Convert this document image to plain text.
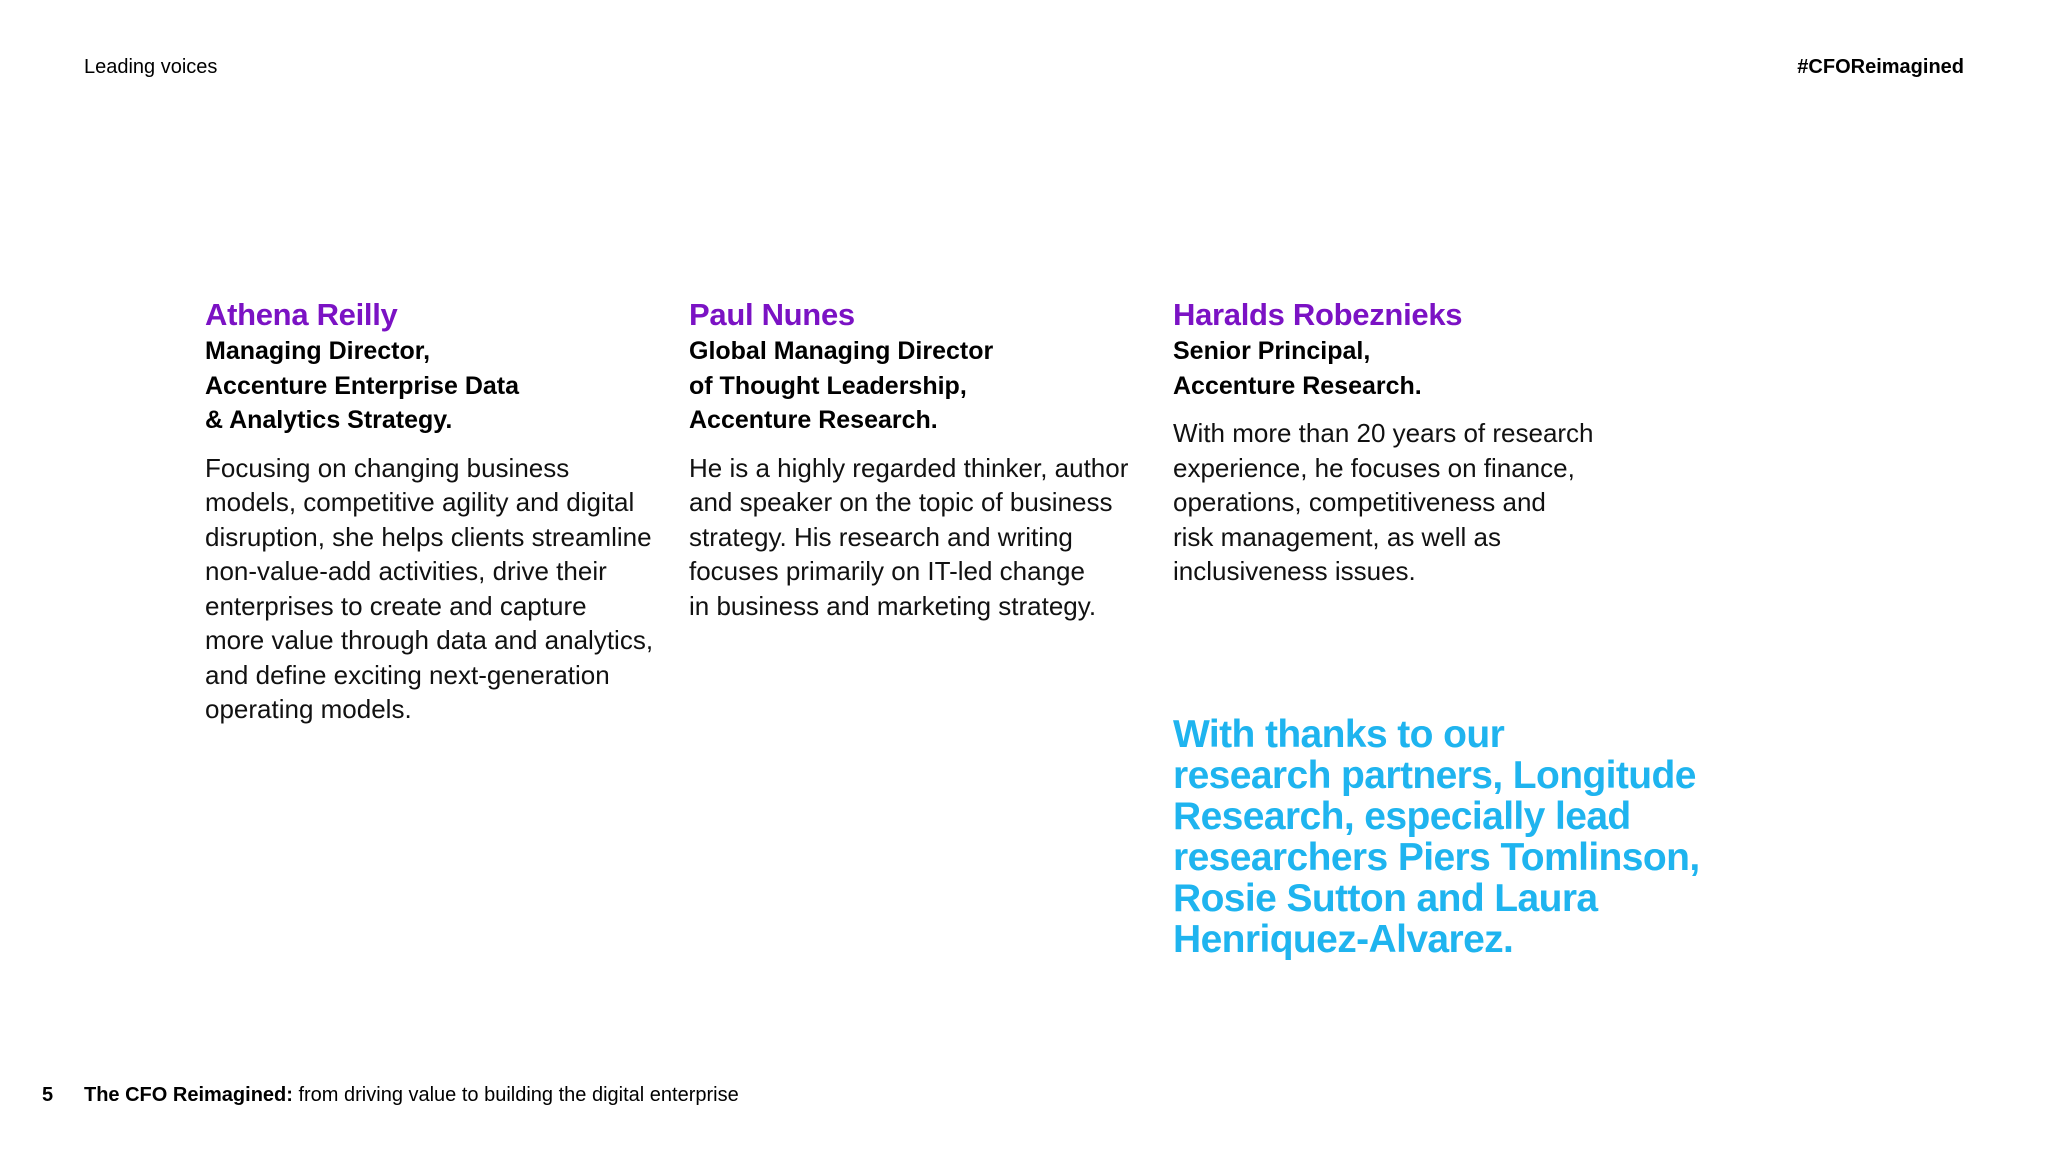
Leading voices	#CFOReimagined
Athena Reilly
Managing Director,
Accenture Enterprise Data
& Analytics Strategy.
Focusing on changing business
models, competitive agility and digital
disruption, she helps clients streamline
non-value-add activities, drive their
enterprises to create and capture
more value through data and analytics,
and define exciting next-generation
operating models.
Paul Nunes
Global Managing Director
of Thought Leadership,
Accenture Research.
He is a highly regarded thinker, author
and speaker on the topic of business
strategy. His research and writing
focuses primarily on IT-led change
in business and marketing strategy.
Haralds Robeznieks
Senior Principal,
Accenture Research.
With more than 20 years of research
experience, he focuses on finance,
operations, competitiveness and
risk management, as well as
inclusiveness issues.
With thanks to our
research partners, Longitude
Research, especially lead
researchers Piers Tomlinson,
Rosie Sutton and Laura
Henriquez-Alvarez.
5 The CFO Reimagined: from driving value to building the digital enterprise
